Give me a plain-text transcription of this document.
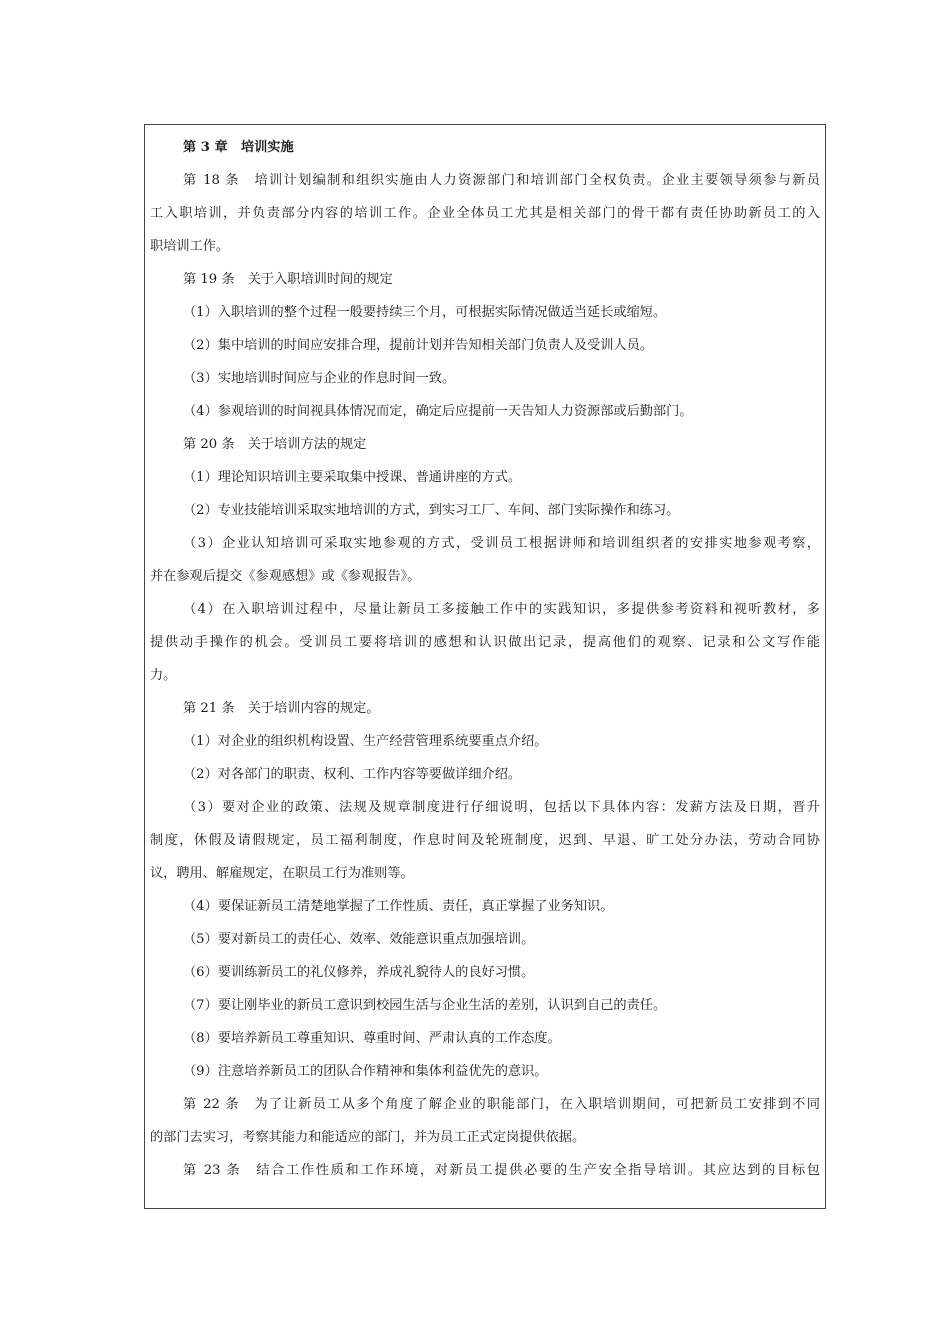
第 3 章　培训实施
第 18 条　培训计划编制和组织实施由人力资源部门和培训部门全权负责。企业主要领导须参与新员
工入职培训，并负责部分内容的培训工作。企业全体员工尤其是相关部门的骨干都有责任协助新员工的入
职培训工作。
第 19 条　关于入职培训时间的规定
（1）入职培训的整个过程一般要持续三个月，可根据实际情况做适当延长或缩短。
（2）集中培训的时间应安排合理，提前计划并告知相关部门负责人及受训人员。
（3）实地培训时间应与企业的作息时间一致。
（4）参观培训的时间视具体情况而定，确定后应提前一天告知人力资源部或后勤部门。
第 20 条　关于培训方法的规定
（1）理论知识培训主要采取集中授课、普通讲座的方式。
（2）专业技能培训采取实地培训的方式，到实习工厂、车间、部门实际操作和练习。
（3）企业认知培训可采取实地参观的方式，受训员工根据讲师和培训组织者的安排实地参观考察，
并在参观后提交《参观感想》或《参观报告》。
（4）在入职培训过程中，尽量让新员工多接触工作中的实践知识，多提供参考资料和视听教材，多
提供动手操作的机会。受训员工要将培训的感想和认识做出记录，提高他们的观察、记录和公文写作能
力。
第 21 条　关于培训内容的规定。
（1）对企业的组织机构设置、生产经营管理系统要重点介绍。
（2）对各部门的职责、权利、工作内容等要做详细介绍。
（3）要对企业的政策、法规及规章制度进行仔细说明，包括以下具体内容：发薪方法及日期，晋升
制度，休假及请假规定，员工福利制度，作息时间及轮班制度，迟到、早退、旷工处分办法，劳动合同协
议，聘用、解雇规定，在职员工行为准则等。
（4）要保证新员工清楚地掌握了工作性质、责任，真正掌握了业务知识。
（5）要对新员工的责任心、效率、效能意识重点加强培训。
（6）要训练新员工的礼仪修养，养成礼貌待人的良好习惯。
（7）要让刚毕业的新员工意识到校园生活与企业生活的差别，认识到自己的责任。
（8）要培养新员工尊重知识、尊重时间、严肃认真的工作态度。
（9）注意培养新员工的团队合作精神和集体利益优先的意识。
第 22 条　为了让新员工从多个角度了解企业的职能部门，在入职培训期间，可把新员工安排到不同
的部门去实习，考察其能力和能适应的部门，并为员工正式定岗提供依据。
第 23 条　结合工作性质和工作环境，对新员工提供必要的生产安全指导培训。其应达到的目标包
